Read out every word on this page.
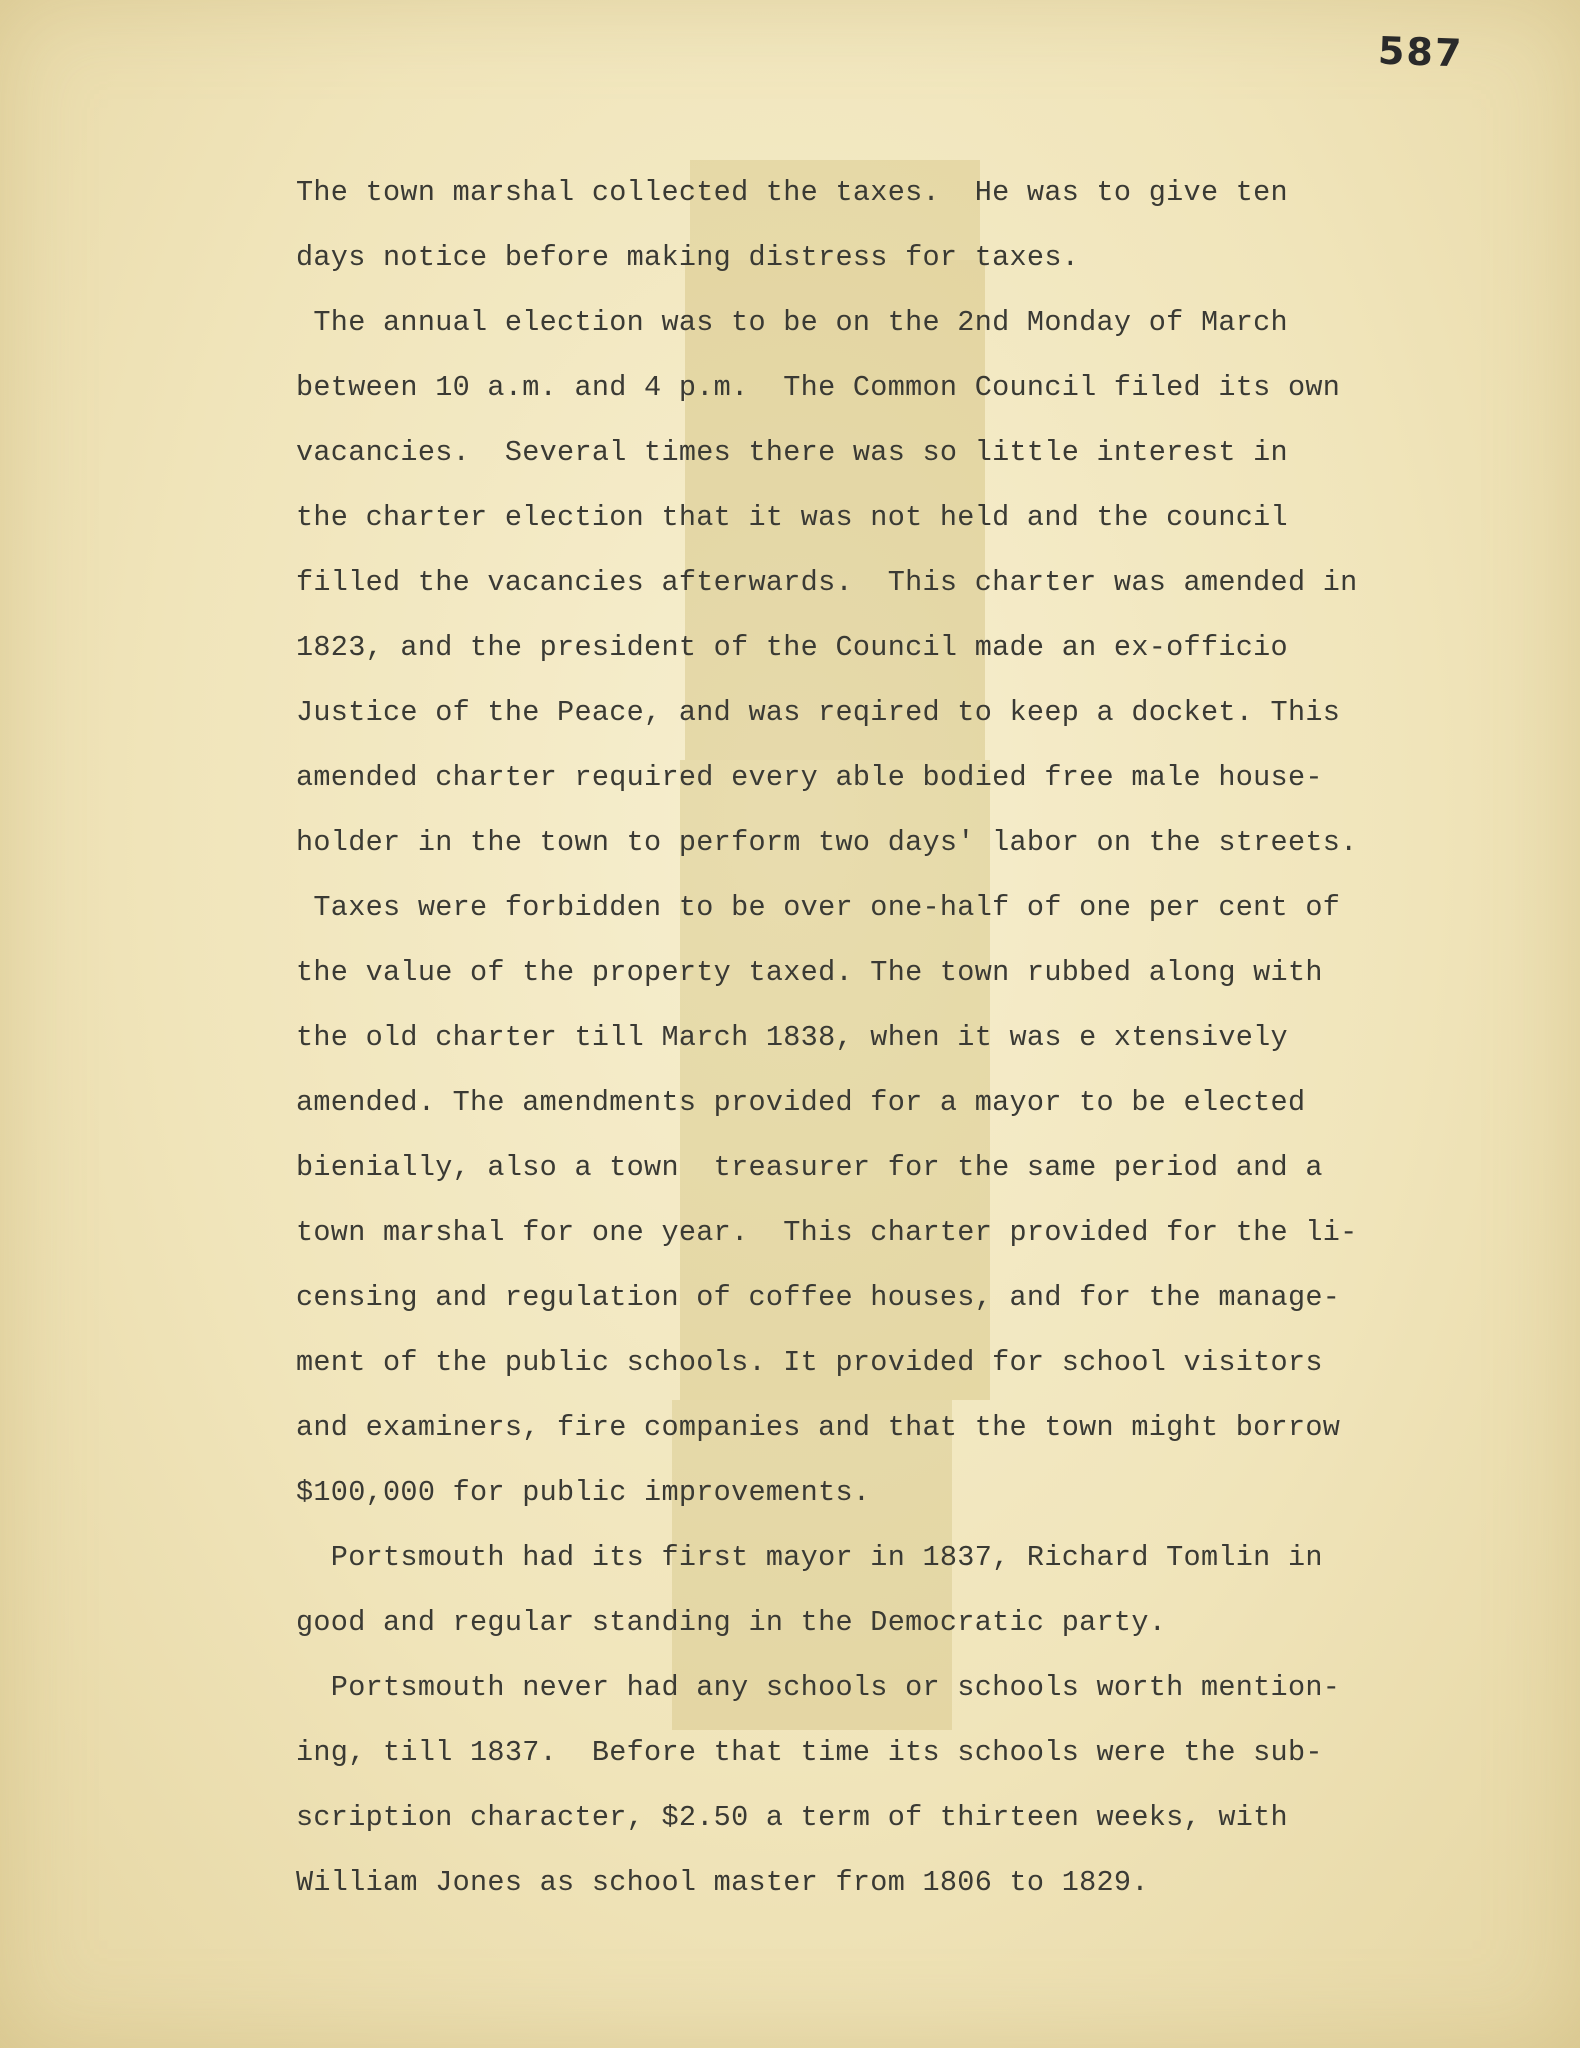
587
The town marshal collected the taxes.  He was to give ten
days notice before making distress for taxes.
The annual election was to be on the 2nd Monday of March
between 10 a.m. and 4 p.m.  The Common Council filed its own
vacancies.  Several times there was so little interest in
the charter election that it was not held and the council
filled the vacancies afterwards.  This charter was amended in
1823, and the president of the Council made an ex-officio
Justice of the Peace, and was reqired to keep a docket. This
amended charter required every able bodied free male house-
holder in the town to perform two days' labor on the streets.
Taxes were forbidden to be over one-half of one per cent of
the value of the property taxed. The town rubbed along with
the old charter till March 1838, when it was e xtensively
amended. The amendments provided for a mayor to be elected
bienially, also a town  treasurer for the same period and a
town marshal for one year.  This charter provided for the li-
censing and regulation of coffee houses, and for the manage-
ment of the public schools. It provided for school visitors
and examiners, fire companies and that the town might borrow
$100,000 for public improvements.
Portsmouth had its first mayor in 1837, Richard Tomlin in
good and regular standing in the Democratic party.
Portsmouth never had any schools or schools worth mention-
ing, till 1837.  Before that time its schools were the sub-
scription character, $2.50 a term of thirteen weeks, with
William Jones as school master from 1806 to 1829.
